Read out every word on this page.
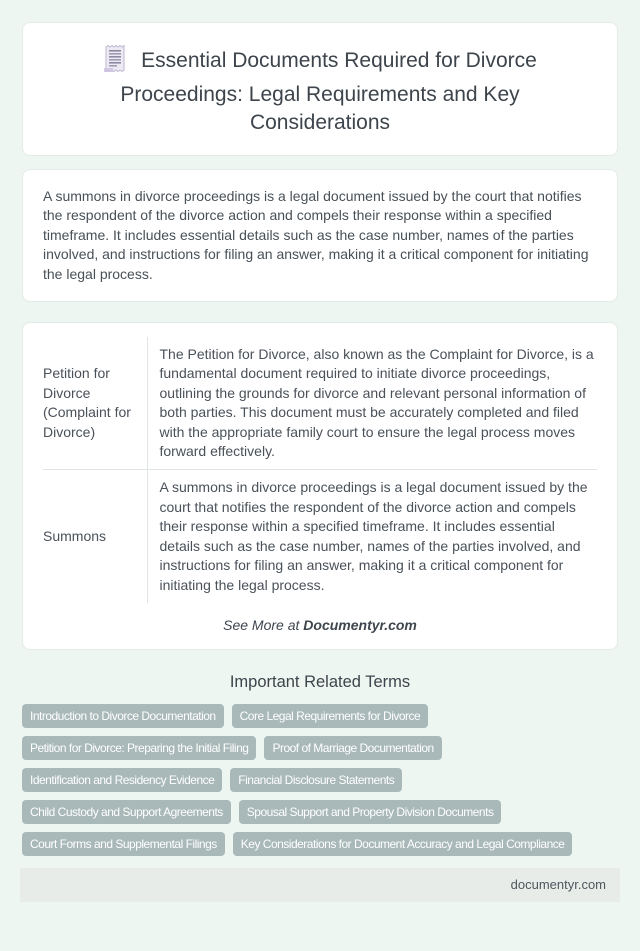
Essential Documents Required for Divorce Proceedings: Legal Requirements and Key Considerations

A summons in divorce proceedings is a legal document issued by the court that notifies the respondent of the divorce action and compels their response within a specified timeframe. It includes essential details such as the case number, names of the parties involved, and instructions for filing an answer, making it a critical component for initiating the legal process.

Petition for Divorce (Complaint for Divorce)	The Petition for Divorce, also known as the Complaint for Divorce, is a fundamental document required to initiate divorce proceedings, outlining the grounds for divorce and relevant personal information of both parties. This document must be accurately completed and filed with the appropriate family court to ensure the legal process moves forward effectively.
Summons	A summons in divorce proceedings is a legal document issued by the court that notifies the respondent of the divorce action and compels their response within a specified timeframe. It includes essential details such as the case number, names of the parties involved, and instructions for filing an answer, making it a critical component for initiating the legal process.

See More at Documentyr.com

Important Related Terms
Introduction to Divorce Documentation	Core Legal Requirements for Divorce
Petition for Divorce: Preparing the Initial Filing	Proof of Marriage Documentation
Identification and Residency Evidence	Financial Disclosure Statements
Child Custody and Support Agreements	Spousal Support and Property Division Documents
Court Forms and Supplemental Filings	Key Considerations for Document Accuracy and Legal Compliance
documentyr.com
